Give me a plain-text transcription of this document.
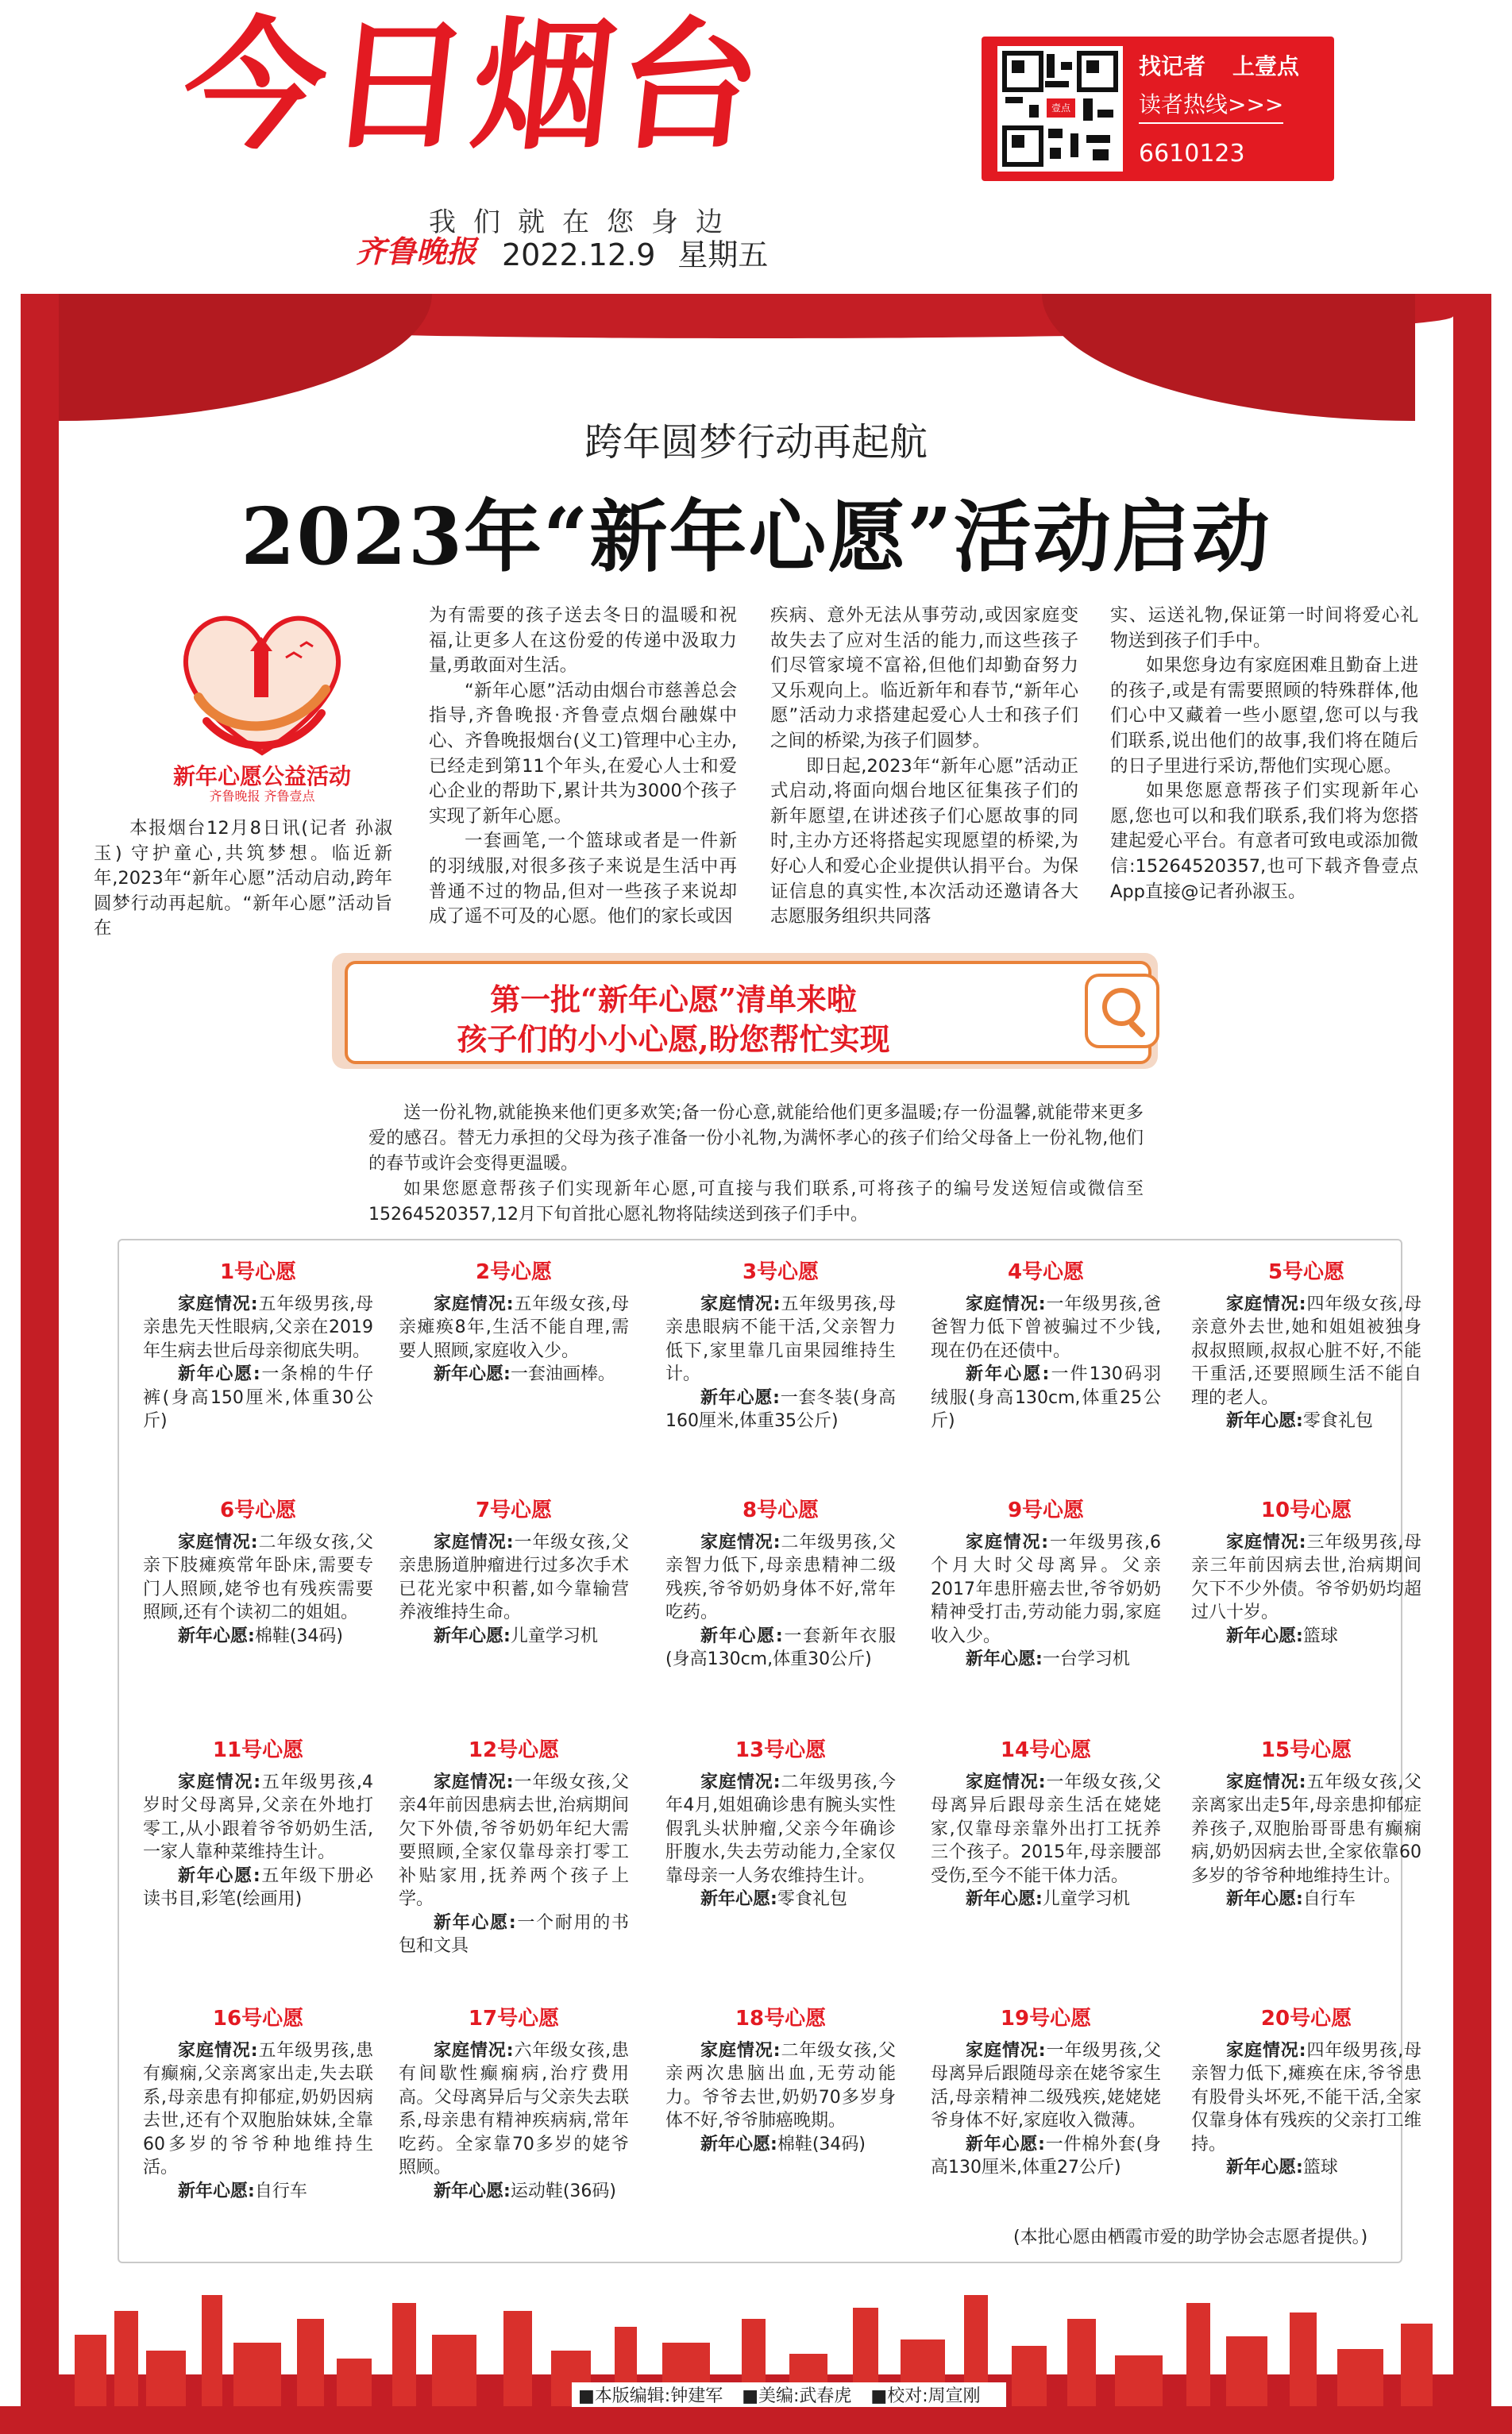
今日烟台
我们就在您身边
齐鲁晚报 2022.12.9 星期五
壹点
找记者 上壹点
读者热线>>>
6610123
跨年圆梦行动再起航
2023年“新年心愿”活动启动
新年心愿公益活动
齐鲁晚报 齐鲁壹点

本报烟台12月8日讯(记者 孙淑玉) 守护童心,共筑梦想。临近新年,2023年“新年心愿”活动启动,跨年圆梦行动再起航。“新年心愿”活动旨在

为有需要的孩子送去冬日的温暖和祝福,让更多人在这份爱的传递中汲取力量,勇敢面对生活。

“新年心愿”活动由烟台市慈善总会指导,齐鲁晚报·齐鲁壹点烟台融媒中心、齐鲁晚报烟台(义工)管理中心主办,已经走到第11个年头,在爱心人士和爱心企业的帮助下,累计共为3000个孩子实现了新年心愿。

一套画笔,一个篮球或者是一件新的羽绒服,对很多孩子来说是生活中再普通不过的物品,但对一些孩子来说却成了遥不可及的心愿。他们的家长或因

疾病、意外无法从事劳动,或因家庭变故失去了应对生活的能力,而这些孩子们尽管家境不富裕,但他们却勤奋努力又乐观向上。临近新年和春节,“新年心愿”活动力求搭建起爱心人士和孩子们之间的桥梁,为孩子们圆梦。

即日起,2023年“新年心愿”活动正式启动,将面向烟台地区征集孩子们的新年愿望,在讲述孩子们心愿故事的同时,主办方还将搭起实现愿望的桥梁,为好心人和爱心企业提供认捐平台。为保证信息的真实性,本次活动还邀请各大志愿服务组织共同落

实、运送礼物,保证第一时间将爱心礼物送到孩子们手中。

如果您身边有家庭困难且勤奋上进的孩子,或是有需要照顾的特殊群体,他们心中又藏着一些小愿望,您可以与我们联系,说出他们的故事,我们将在随后的日子里进行采访,帮他们实现心愿。

如果您愿意帮孩子们实现新年心愿,您也可以和我们联系,我们将为您搭建起爱心平台。有意者可致电或添加微信:15264520357,也可下载齐鲁壹点App直接@记者孙淑玉。

第一批“新年心愿”清单来啦
孩子们的小小心愿,盼您帮忙实现

送一份礼物,就能换来他们更多欢笑;备一份心意,就能给他们更多温暖;存一份温馨,就能带来更多爱的感召。替无力承担的父母为孩子准备一份小礼物,为满怀孝心的孩子们给父母备上一份礼物,他们的春节或许会变得更温暖。

如果您愿意帮孩子们实现新年心愿,可直接与我们联系,可将孩子的编号发送短信或微信至15264520357,12月下旬首批心愿礼物将陆续送到孩子们手中。

1号心愿

家庭情况:五年级男孩,母亲患先天性眼病,父亲在2019年生病去世后母亲彻底失明。

新年心愿:一条棉的牛仔裤(身高150厘米,体重30公斤)

2号心愿

家庭情况:五年级女孩,母亲瘫痪8年,生活不能自理,需要人照顾,家庭收入少。

新年心愿:一套油画棒。

3号心愿

家庭情况:五年级男孩,母亲患眼病不能干活,父亲智力低下,家里靠几亩果园维持生计。

新年心愿:一套冬装(身高160厘米,体重35公斤)

4号心愿

家庭情况:一年级男孩,爸爸智力低下曾被骗过不少钱,现在仍在还债中。

新年心愿:一件130码羽绒服(身高130cm,体重25公斤)

5号心愿

家庭情况:四年级女孩,母亲意外去世,她和姐姐被独身叔叔照顾,叔叔心脏不好,不能干重活,还要照顾生活不能自理的老人。

新年心愿:零食礼包

6号心愿

家庭情况:二年级女孩,父亲下肢瘫痪常年卧床,需要专门人照顾,姥爷也有残疾需要照顾,还有个读初二的姐姐。

新年心愿:棉鞋(34码)

7号心愿

家庭情况:一年级女孩,父亲患肠道肿瘤进行过多次手术已花光家中积蓄,如今靠输营养液维持生命。

新年心愿:儿童学习机

8号心愿

家庭情况:二年级男孩,父亲智力低下,母亲患精神二级残疾,爷爷奶奶身体不好,常年吃药。

新年心愿:一套新年衣服(身高130cm,体重30公斤)

9号心愿

家庭情况:一年级男孩,6个月大时父母离异。父亲2017年患肝癌去世,爷爷奶奶精神受打击,劳动能力弱,家庭收入少。

新年心愿:一台学习机

10号心愿

家庭情况:三年级男孩,母亲三年前因病去世,治病期间欠下不少外债。爷爷奶奶均超过八十岁。

新年心愿:篮球

11号心愿

家庭情况:五年级男孩,4岁时父母离异,父亲在外地打零工,从小跟着爷爷奶奶生活,一家人靠种菜维持生计。

新年心愿:五年级下册必读书目,彩笔(绘画用)

12号心愿

家庭情况:一年级女孩,父亲4年前因患病去世,治病期间欠下外债,爷爷奶奶年纪大需要照顾,全家仅靠母亲打零工补贴家用,抚养两个孩子上学。

新年心愿:一个耐用的书包和文具

13号心愿

家庭情况:二年级男孩,今年4月,姐姐确诊患有腕头实性假乳头状肿瘤,父亲今年确诊肝腹水,失去劳动能力,全家仅靠母亲一人务农维持生计。

新年心愿:零食礼包

14号心愿

家庭情况:一年级女孩,父母离异后跟母亲生活在姥姥家,仅靠母亲靠外出打工抚养三个孩子。2015年,母亲腰部受伤,至今不能干体力活。

新年心愿:儿童学习机

15号心愿

家庭情况:五年级女孩,父亲离家出走5年,母亲患抑郁症养孩子,双胞胎哥哥患有癫痫病,奶奶因病去世,全家依靠60多岁的爷爷种地维持生计。

新年心愿:自行车

16号心愿

家庭情况:五年级男孩,患有癫痫,父亲离家出走,失去联系,母亲患有抑郁症,奶奶因病去世,还有个双胞胎妹妹,全靠60多岁的爷爷种地维持生活。

新年心愿:自行车

17号心愿

家庭情况:六年级女孩,患有间歇性癫痫病,治疗费用高。父母离异后与父亲失去联系,母亲患有精神疾病病,常年吃药。全家靠70多岁的姥爷照顾。

新年心愿:运动鞋(36码)

18号心愿

家庭情况:二年级女孩,父亲两次患脑出血,无劳动能力。爷爷去世,奶奶70多岁身体不好,爷爷肺癌晚期。

新年心愿:棉鞋(34码)

19号心愿

家庭情况:一年级男孩,父母离异后跟随母亲在姥爷家生活,母亲精神二级残疾,姥姥姥爷身体不好,家庭收入微薄。

新年心愿:一件棉外套(身高130厘米,体重27公斤)

20号心愿

家庭情况:四年级男孩,母亲智力低下,瘫痪在床,爷爷患有股骨头坏死,不能干活,全家仅靠身体有残疾的父亲打工维持。

新年心愿:篮球

(本批心愿由栖霞市爱的助学协会志愿者提供。)
■本版编辑:钟建军 ■美编:武春虎 ■校对:周宣刚
